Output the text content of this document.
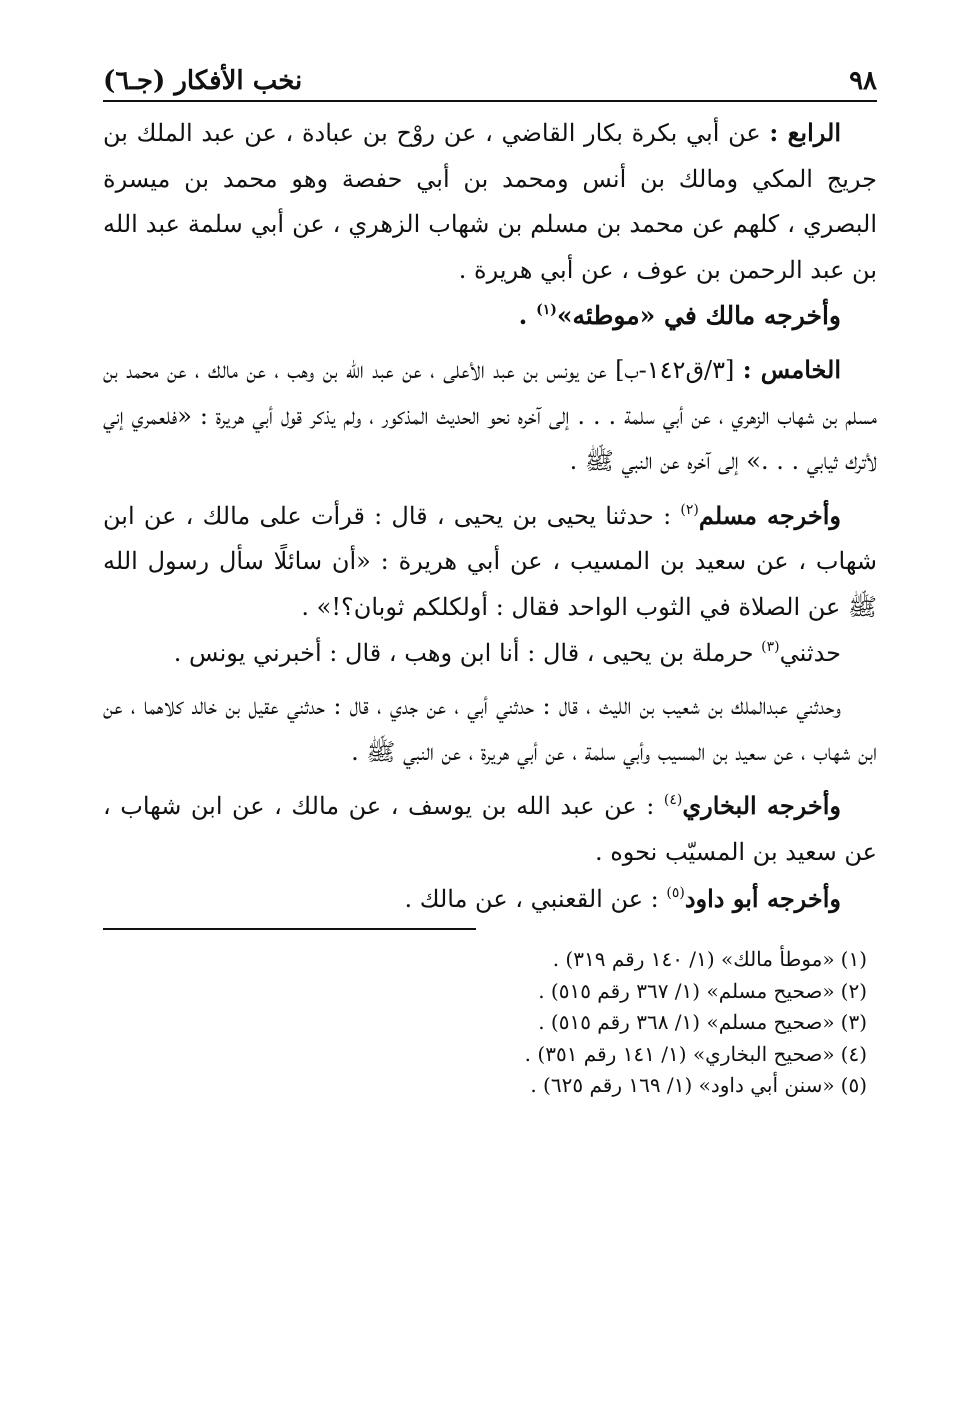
٩٨
نخب الأفكار (جـ٦)

الرابع : عن أبي بكرة بكار القاضي ، عن روْح بن عبادة ، عن عبد الملك بن جريج المكي ومالك بن أنس ومحمد بن أبي حفصة وهو محمد بن ميسرة البصري ، كلهم عن محمد بن مسلم بن شهاب الزهري ، عن أبي سلمة عبد الله بن عبد الرحمن بن عوف ، عن أبي هريرة .

وأخرجه مالك في «موطئه»$^{(١)}$ .

الخامس : [٣/ق١٤٢-ب] عن يونس بن عبد الأعلى ، عن عبد الله بن وهب ، عن مالك ، عن محمد بن مسلم بن شهاب الزهري ، عن أبي سلمة . . . إلى آخره نحو الحديث المذكور ، ولم يذكر قول أبي هريرة : «فلعمري إني لأترك ثيابي . . .» إلى آخره عن النبي ﷺ .

وأخرجه مسلم$^{(٢)}$ : حدثنا يحيى بن يحيى ، قال : قرأت على مالك ، عن ابن شهاب ، عن سعيد بن المسيب ، عن أبي هريرة : «أن سائلًا سأل رسول الله ﷺ عن الصلاة في الثوب الواحد فقال : أولكلكم ثوبان؟!» .

حدثني$^{(٣)}$ حرملة بن يحيى ، قال : أنا ابن وهب ، قال : أخبرني يونس .

وحدثني عبدالملك بن شعيب بن الليث ، قال : حدثني أبي ، عن جدي ، قال : حدثني عقيل بن خالد كلاهما ، عن ابن شهاب ، عن سعيد بن المسيب وأبي سلمة ، عن أبي هريرة ، عن النبي ﷺ .

وأخرجه البخاري$^{(٤)}$ : عن عبد الله بن يوسف ، عن مالك ، عن ابن شهاب ، عن سعيد بن المسيّب نحوه .

وأخرجه أبو داود$^{(٥)}$ : عن القعنبي ، عن مالك .

(١)«موطأ مالك» (١/ ١٤٠ رقم ٣١٩) .

(٢)«صحيح مسلم» (١/ ٣٦٧ رقم ٥١٥) .

(٣)«صحيح مسلم» (١/ ٣٦٨ رقم ٥١٥) .

(٤)«صحيح البخاري» (١/ ١٤١ رقم ٣٥١) .

(٥)«سنن أبي داود» (١/ ١٦٩ رقم ٦٢٥) .
